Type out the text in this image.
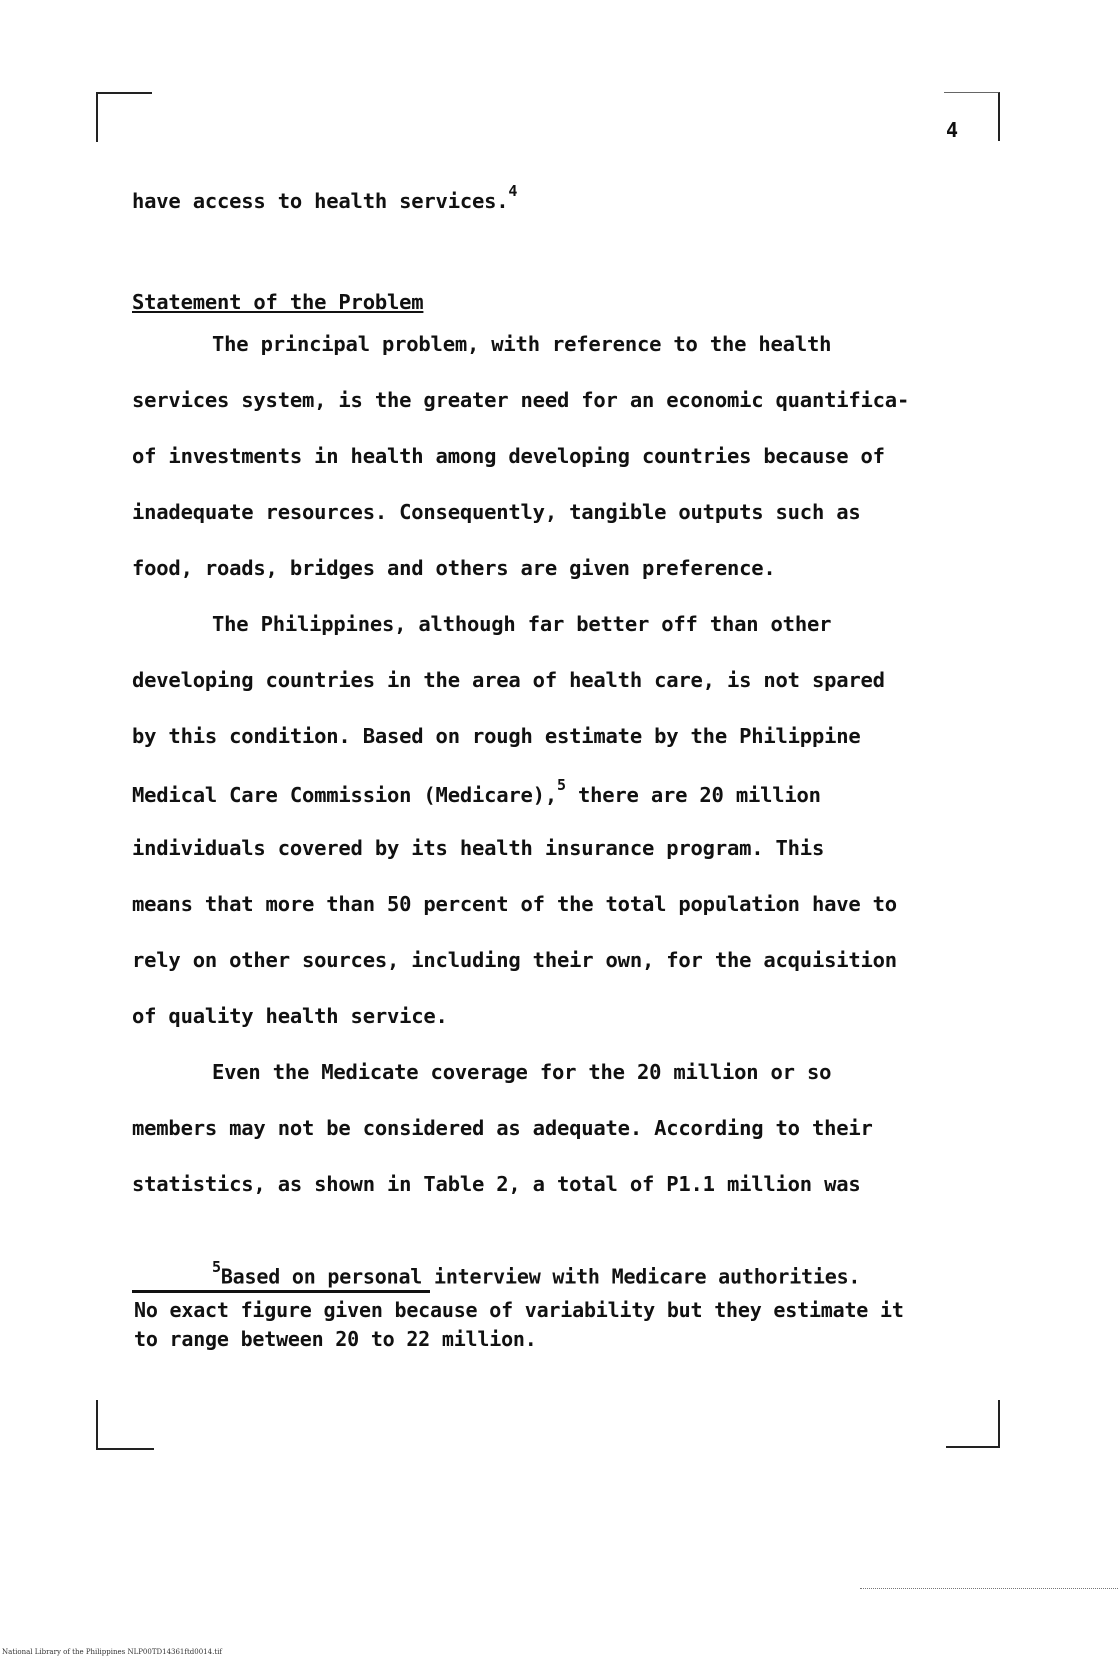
4
have access to health services.$^4$
Statement of the Problem
The principal problem, with reference to the health
services system, is the greater need for an economic quantifica-
of investments in health among developing countries because of
inadequate resources. Consequently, tangible outputs such as
food, roads, bridges and others are given preference.
The Philippines, although far better off than other
developing countries in the area of health care, is not spared
by this condition. Based on rough estimate by the Philippine
Medical Care Commission (Medicare),$^5$ there are 20 million
individuals covered by its health insurance program. This
means that more than 50 percent of the total population have to
rely on other sources, including their own, for the acquisition
of quality health service.
Even the Medicate coverage for the 20 million or so
members may not be considered as adequate. According to their
statistics, as shown in Table 2, a total of P1.1 million was
$^5$Based on personal interview with Medicare authorities.
No exact figure given because of variability but they estimate it
to range between 20 to 22 million.
National Library of the Philippines NLP00TD14361ftd0014.tif
